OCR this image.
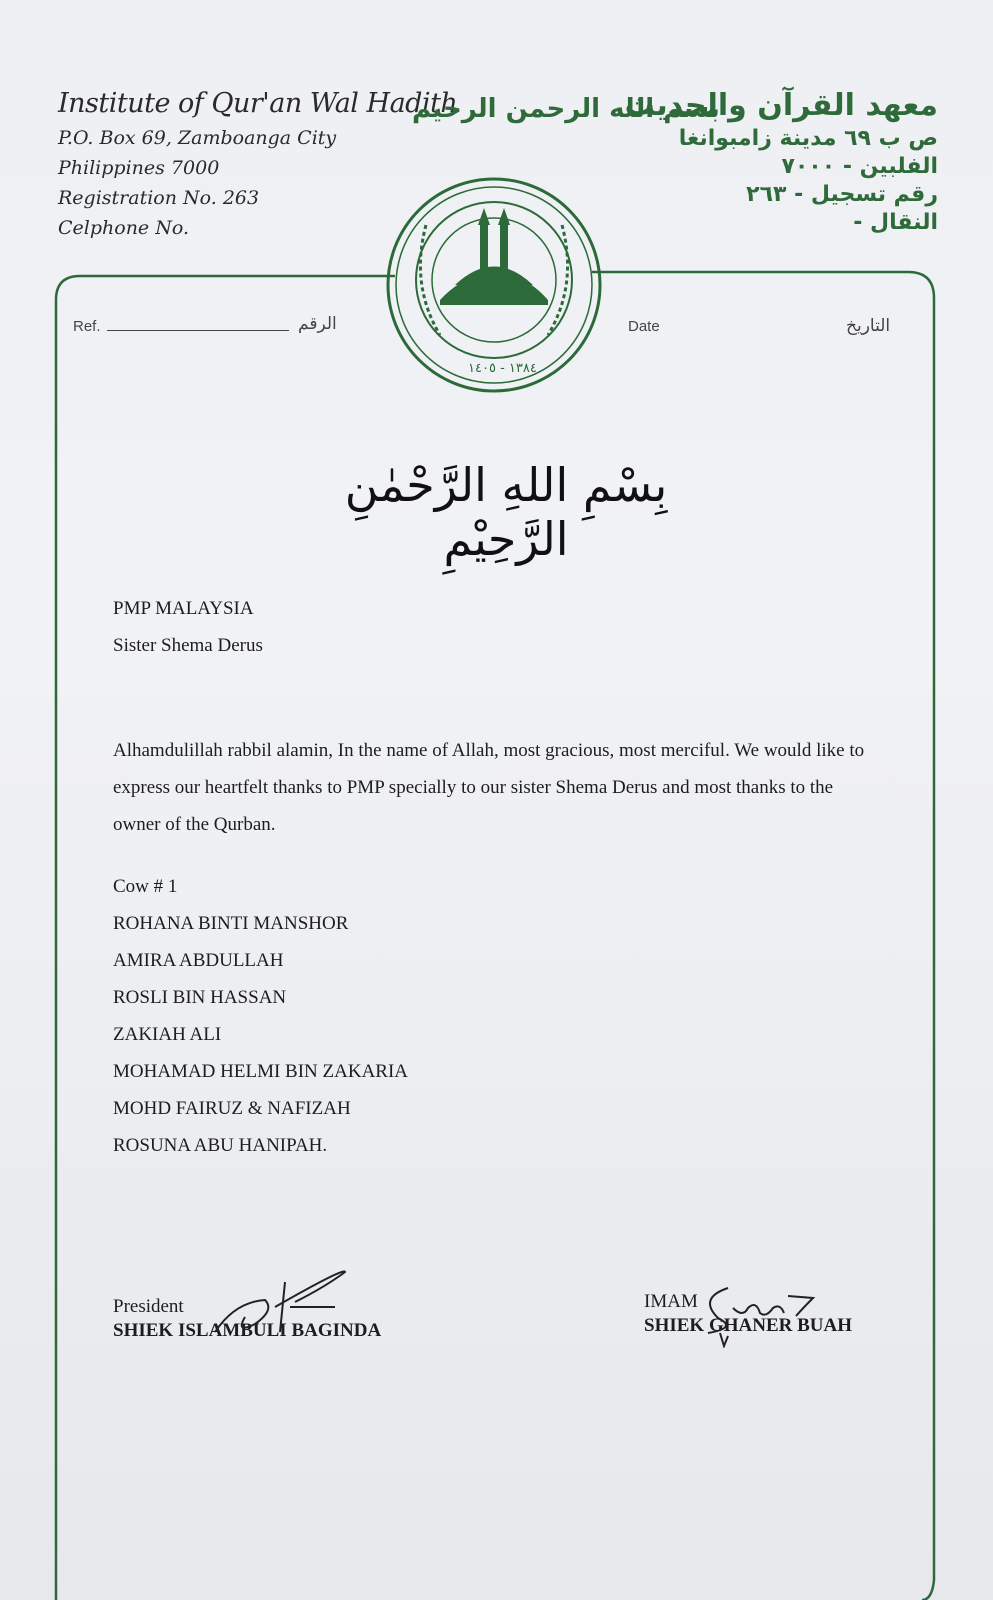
١٣٨٤ - ١٤٠٥
Institute of Qur'an Wal Hadith
P.O. Box 69, Zamboanga City
Philippines 7000
Registration No. 263
Celphone No.
بسم الله الرحمن الرحيم
معهد القرآن والحديث
ص ب ٦٩ مدينة زامبوانغا
الفلبين - ٧٠٠٠
رقم تسجيل - ٢٦٣
النقال -
Ref.	الرقم	Date	التاريخ
بِسْمِ اللهِ الرَّحْمٰنِ الرَّحِيْمِ
PMP MALAYSIA
Sister Shema Derus
Alhamdulillah rabbil alamin, In the name of Allah, most gracious, most merciful. We would like to express our heartfelt thanks to PMP specially to our sister Shema Derus and most thanks to the owner of the Qurban.
Cow # 1
ROHANA BINTI MANSHOR
AMIRA ABDULLAH
ROSLI BIN HASSAN
ZAKIAH ALI
MOHAMAD HELMI BIN ZAKARIA
MOHD FAIRUZ & NAFIZAH
ROSUNA ABU HANIPAH.
President
SHIEK ISLAMBULI BAGINDA
IMAM
SHIEK GHANER BUAH
